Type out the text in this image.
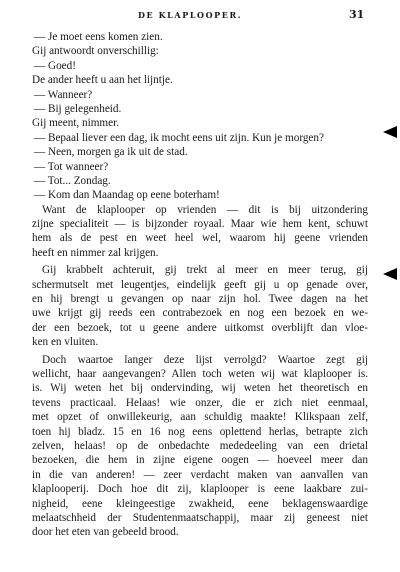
DE KLAPLOOPER.	31
— Je moet eens komen zien.
Gij antwoordt onverschillig:
— Goed!
De ander heeft u aan het lijntje.
— Wanneer?
— Bij gelegenheid.
Gij meent, nimmer.
— Bepaal liever een dag, ik mocht eens uit zijn. Kun je morgen?
— Neen, morgen ga ik uit de stad.
— Tot wanneer?
— Tot... Zondag.
— Kom dan Maandag op eene boterham!
Want de klaplooper op vrienden — dit is bij uitzondering
zijne specialiteit — is bijzonder royaal. Maar wie hem kent, schuwt
hem als de pest en weet heel wel, waarom hij geene vrienden
heeft en nimmer zal krijgen.
Gij krabbelt achteruit, gij trekt al meer en meer terug, gij
schermutselt met leugentjes, eindelijk geeft gij u op genade over,
en hij brengt u gevangen op naar zijn hol. Twee dagen na het
uwe krijgt gij reeds een contrabezoek en nog een bezoek en we-
der een bezoek, tot u geene andere uitkomst overblijft dan vloe-
ken en vluiten.
Doch waartoe langer deze lijst verrolgd? Waartoe zegt gij
wellicht, haar aangevangen? Allen toch weten wij wat klaplooper is.
is. Wij weten het bij ondervinding, wij weten het theoretisch en
tevens practicaal. Helaas! wie onzer, die er zich niet eenmaal,
met opzet of onwillekeurig, aan schuldig maakte! Klikspaan zelf,
toen hij bladz. 15 en 16 nog eens oplettend herlas, betrapte zich
zelven, helaas! op de onbedachte mededeeling van een drietal
bezoeken, die hem in zijne eigene oogen — hoeveel meer dan
in die van anderen! — zeer verdacht maken van aanvallen van
klaplooperij. Doch hoe dit zij, klaplooper is eene laakbare zui-
nigheid, eene kleingeestige zwakheid, eene beklagenswaardige
melaatschheid der Studentenmaatschappij, maar zij geneest niet
door het eten van gebeeld brood.
